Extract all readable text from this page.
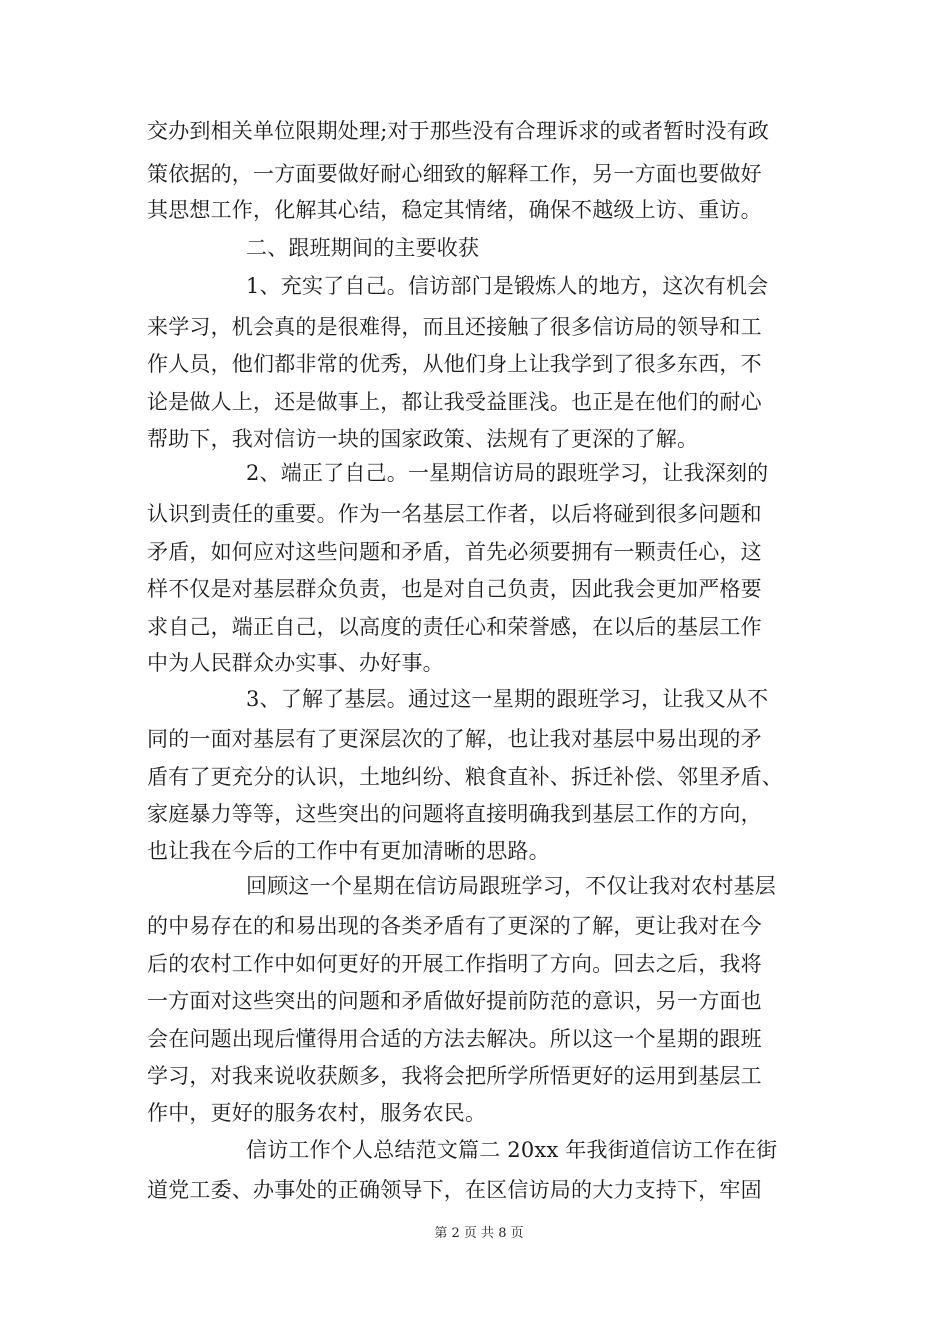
交办到相关单位限期处理;对于那些没有合理诉求的或者暂时没有政
策依据的，一方面要做好耐心细致的解释工作，另一方面也要做好
其思想工作，化解其心结，稳定其情绪，确保不越级上访、重访。
二、跟班期间的主要收获
1、充实了自己。信访部门是锻炼人的地方，这次有机会
来学习，机会真的是很难得，而且还接触了很多信访局的领导和工
作人员，他们都非常的优秀，从他们身上让我学到了很多东西，不
论是做人上，还是做事上，都让我受益匪浅。也正是在他们的耐心
帮助下，我对信访一块的国家政策、法规有了更深的了解。
2、端正了自己。一星期信访局的跟班学习，让我深刻的
认识到责任的重要。作为一名基层工作者，以后将碰到很多问题和
矛盾，如何应对这些问题和矛盾，首先必须要拥有一颗责任心，这
样不仅是对基层群众负责，也是对自己负责，因此我会更加严格要
求自己，端正自己，以高度的责任心和荣誉感，在以后的基层工作
中为人民群众办实事、办好事。
3、了解了基层。通过这一星期的跟班学习，让我又从不
同的一面对基层有了更深层次的了解，也让我对基层中易出现的矛
盾有了更充分的认识，土地纠纷、粮食直补、拆迁补偿、邻里矛盾、
家庭暴力等等，这些突出的问题将直接明确我到基层工作的方向，
也让我在今后的工作中有更加清晰的思路。
回顾这一个星期在信访局跟班学习，不仅让我对农村基层
的中易存在的和易出现的各类矛盾有了更深的了解，更让我对在今
后的农村工作中如何更好的开展工作指明了方向。回去之后，我将
一方面对这些突出的问题和矛盾做好提前防范的意识，另一方面也
会在问题出现后懂得用合适的方法去解决。所以这一个星期的跟班
学习，对我来说收获颇多，我将会把所学所悟更好的运用到基层工
作中，更好的服务农村，服务农民。
信访工作个人总结范文篇二 20xx 年我街道信访工作在街
道党工委、办事处的正确领导下，在区信访局的大力支持下，牢固
第 2 页 共 8 页
